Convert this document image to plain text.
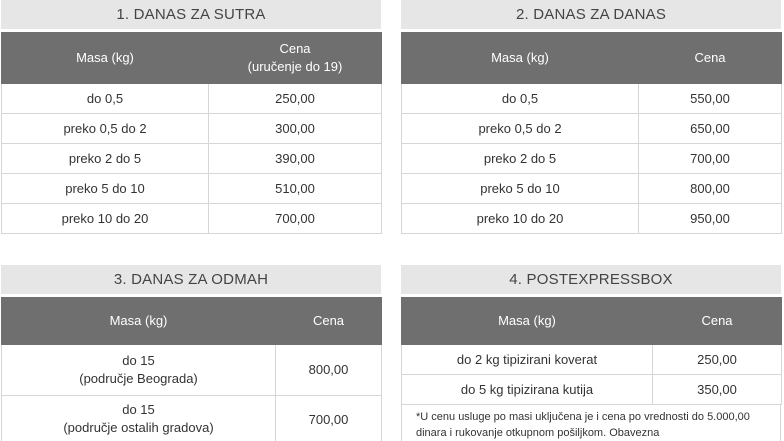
1. DANAS ZA SUTRA
Masa (kg)	Cena
(uručenje do 19)

do 0,5	250,00
preko 0,5 do 2	300,00
preko 2 do 5	390,00
preko 5 do 10	510,00
preko 10 do 20	700,00
2. DANAS ZA DANAS
Masa (kg)	Cena
do 0,5	550,00
preko 0,5 do 2	650,00
preko 2 do 5	700,00
preko 5 do 10	800,00
preko 10 do 20	950,00
3. DANAS ZA ODMAH
Masa (kg)	Cena

do 15
(područje Beograda)	800,00

do 15
(područje ostalih gradova)	700,00
4. POSTEXPRESSBOX
Masa (kg)	Cena
do 2 kg tipizirani koverat	250,00
do 5 kg tipizirana kutija	350,00
*U cenu usluge po masi uključena je i cena po vrednosti do 5.000,00 dinara i rukovanje otkupnom pošiljkom. Obavezna
